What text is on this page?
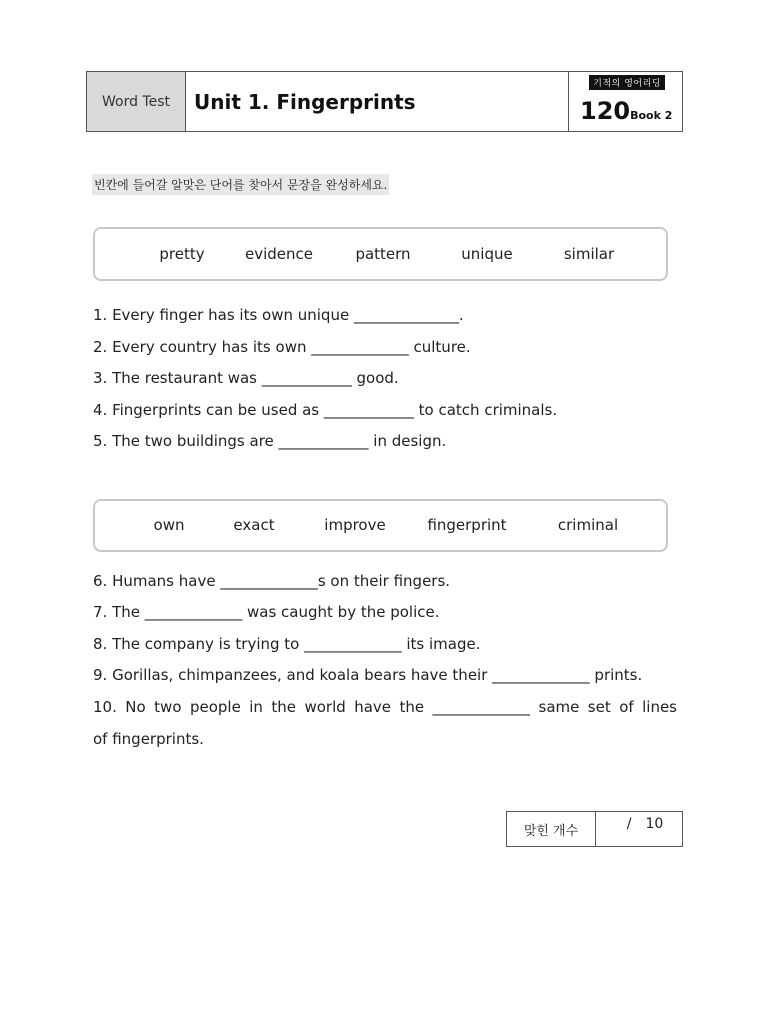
Word Test	Unit 1. Fingerprints
기적의 영어리딩
120Book 2
빈칸에 들어갈 알맞은 단어를 찾아서 문장을 완성하세요.
pretty	evidence	pattern	unique	similar
1. Every finger has its own unique ______________.
2. Every country has its own _____________ culture.
3. The restaurant was ____________ good.
4. Fingerprints can be used as ____________ to catch criminals.
5. The two buildings are ____________ in design.
own	exact	improve	fingerprint	criminal
6. Humans have _____________s on their fingers.
7. The _____________ was caught by the police.
8. The company is trying to _____________ its image.
9. Gorillas, chimpanzees, and koala bears have their _____________ prints.
10. No two people in the world have the _____________ same set of lines
of fingerprints.
맞힌 개수	/ 10
